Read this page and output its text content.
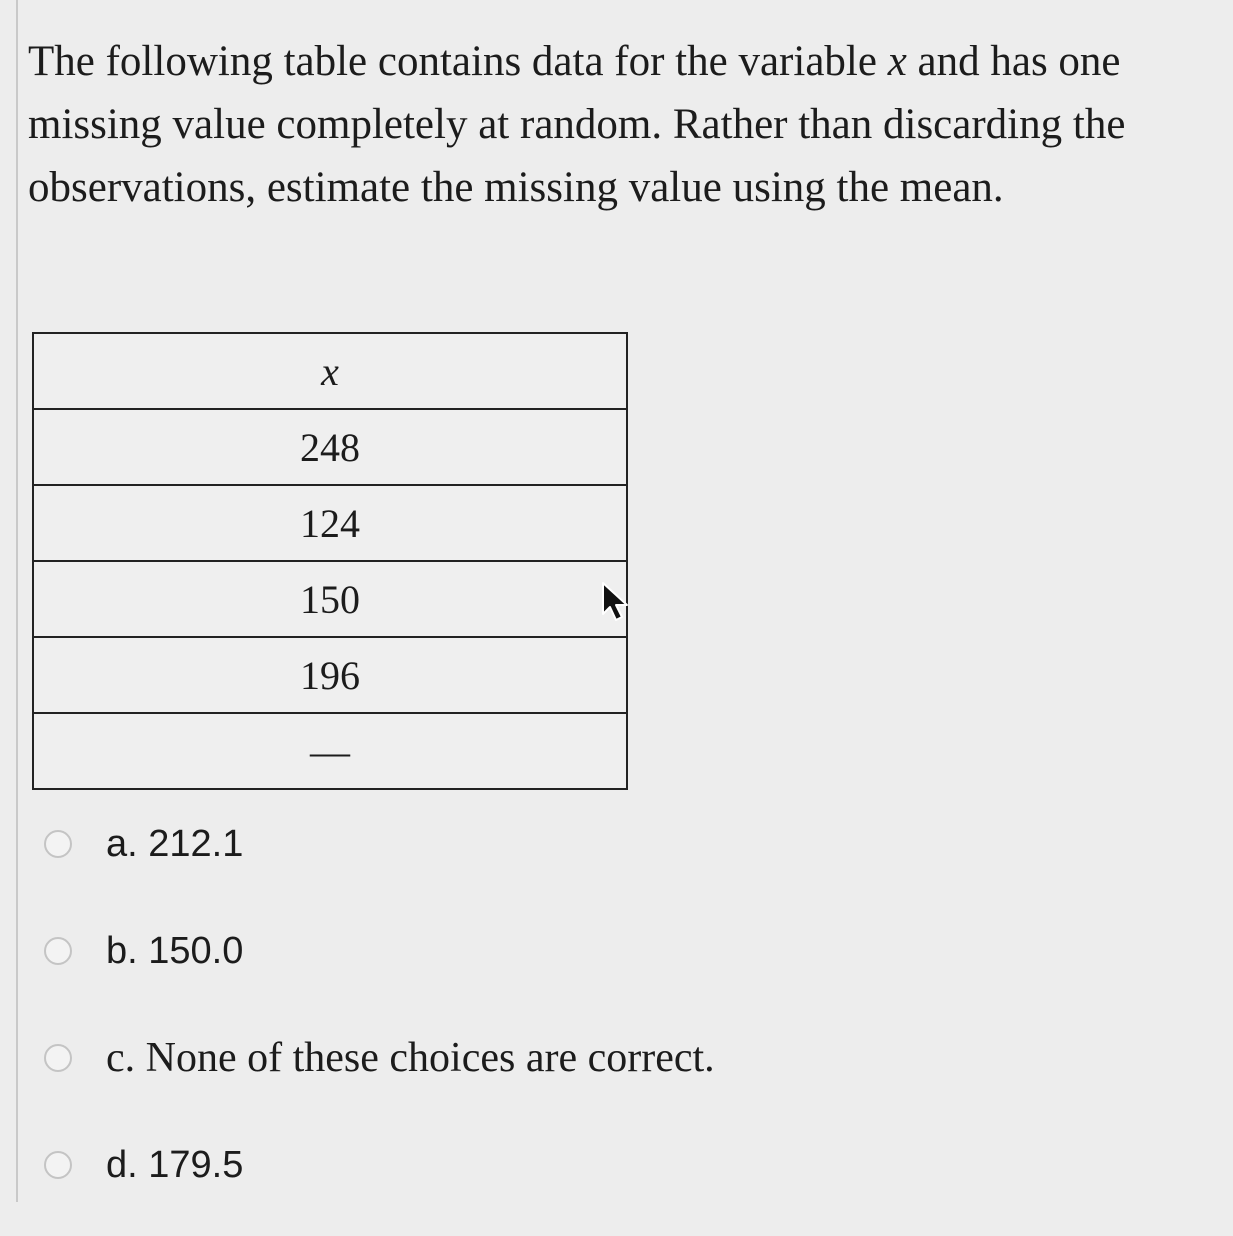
The following table contains data for the variable x and has one missing value completely at random. Rather than discarding the observations, estimate the missing value using the mean.

x
248
124
150
196
—
a. 212.1
b. 150.0
c. None of these choices are correct.
d. 179.5
